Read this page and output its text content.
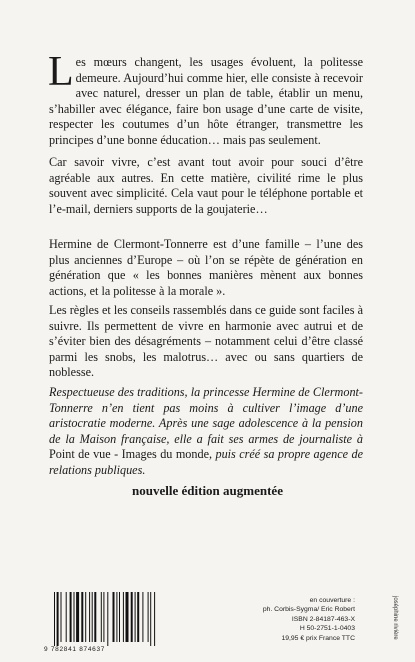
Les mœurs changent, les usages évoluent, la politesse demeure. Aujourd’hui comme hier, elle consiste à recevoir avec naturel, dresser un plan de table, établir un menu, s’habiller avec élégance, faire bon usage d’une carte de visite, respecter les coutumes d’un hôte étranger, transmettre les principes d’une bonne éducation… mais pas seulement.

Car savoir vivre, c’est avant tout avoir pour souci d’être agréable aux autres. En cette matière, civilité rime le plus souvent avec simplicité. Cela vaut pour le téléphone portable et l’e-mail, derniers supports de la goujaterie…

Hermine de Clermont-Tonnerre est d’une famille – l’une des plus anciennes d’Europe – où l’on se répète de génération en génération que « les bonnes manières mènent aux bonnes actions, et la politesse à la morale ».

Les règles et les conseils rassemblés dans ce guide sont faciles à suivre. Ils permettent de vivre en harmonie avec autrui et de s’éviter bien des désagréments – notamment celui d’être classé parmi les snobs, les malotrus… avec ou sans quartiers de noblesse.

Respectueuse des traditions, la princesse Hermine de Clermont-Tonnerre n’en tient pas moins à cultiver l’image d’une aristocratie moderne. Après une sage adolescence à la pension de la Maison française, elle a fait ses armes de journaliste à Point de vue - Images du monde, puis créé sa propre agence de relations publiques.

nouvelle édition augmentée
9 782841 874637
en couverture :
ph. Corbis-Sygma/ Eric Robert
ISBN 2-84187-463-X
H 50-2751-1-0403
19,95 € prix France TTC	joséphine rivière
